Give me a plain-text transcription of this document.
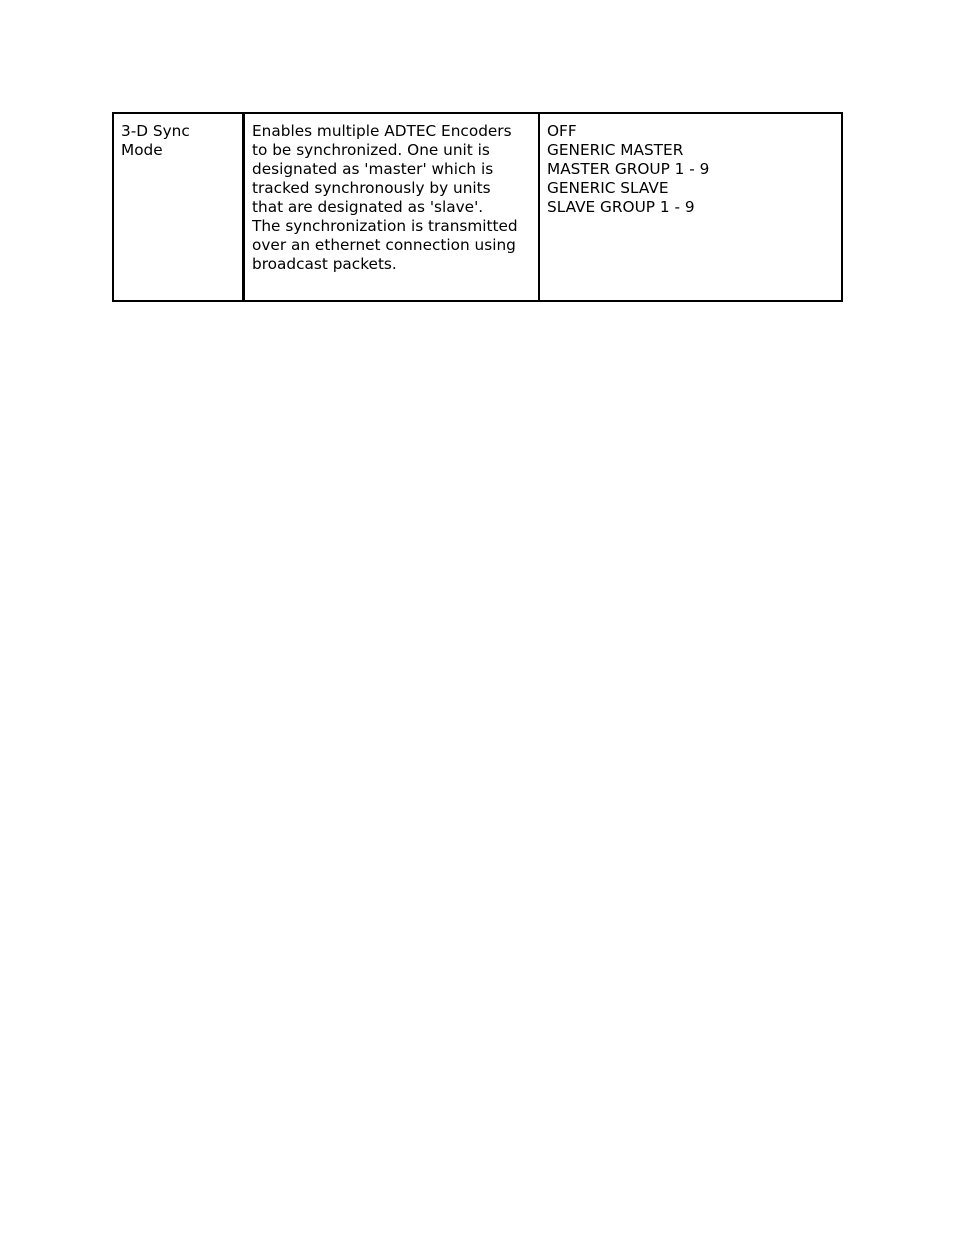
3-D Sync
Mode
Enables multiple ADTEC Encoders
to be synchronized. One unit is
designated as 'master' which is
tracked synchronously by units
that are designated as 'slave'.
The synchronization is transmitted
over an ethernet connection using
broadcast packets.
OFF
GENERIC MASTER
MASTER GROUP 1 - 9
GENERIC SLAVE
SLAVE GROUP 1 - 9
